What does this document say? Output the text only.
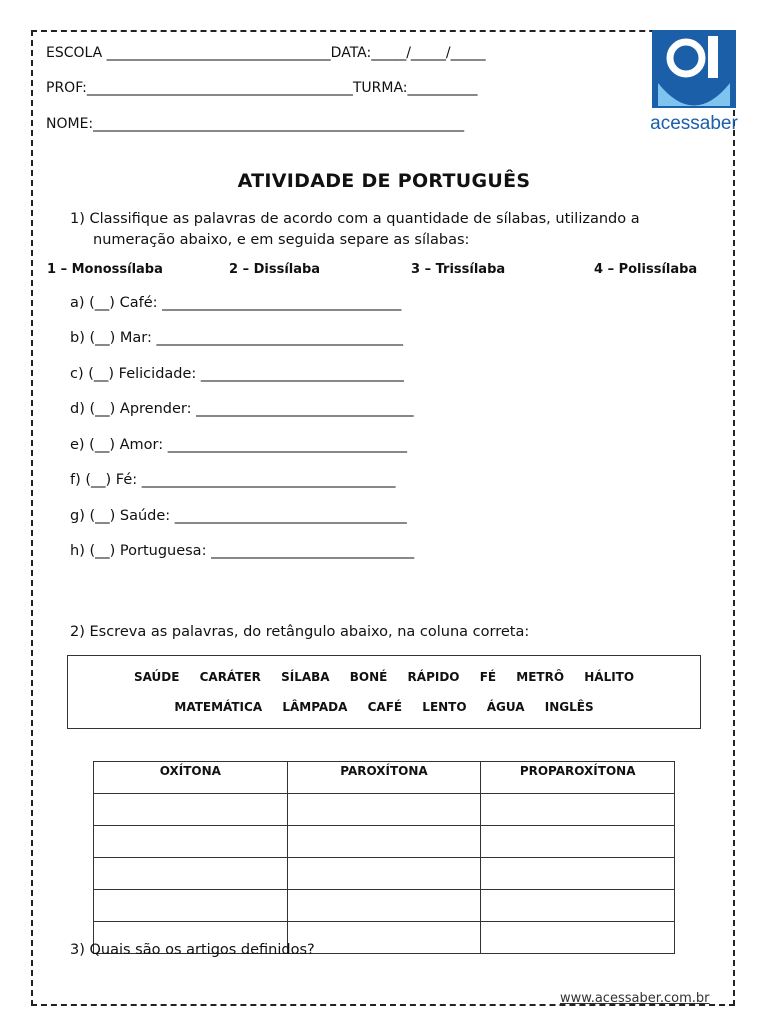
ESCOLA ________________________________DATA:_____/_____/_____
PROF:______________________________________TURMA:__________
NOME:_____________________________________________________	acessaber
ATIVIDADE DE PORTUGUÊS
1) Classifique as palavras de acordo com a quantidade de sílabas, utilizando a
numeração abaixo, e em seguida separe as sílabas:
1 – Monossílaba	2 – Dissílaba	3 – Trissílaba	4 – Polissílaba
a) (__) Café: _________________________________
b) (__) Mar: __________________________________
c) (__) Felicidade: ____________________________
d) (__) Aprender: ______________________________
e) (__) Amor: _________________________________
f) (__) Fé: ___________________________________
g) (__) Saúde: ________________________________
h) (__) Portuguesa: ____________________________
2) Escreva as palavras, do retângulo abaixo, na coluna correta:
SAÚDE CARÁTER SÍLABA BONÉ RÁPIDO FÉ METRÔ HÁLITO
MATEMÁTICA LÂMPADA CAFÉ LENTO ÁGUA INGLÊS
OXÍTONA	PAROXÍTONA	PROPAROXÍTONA

3) Quais são os artigos definidos?
www.acessaber.com.br
